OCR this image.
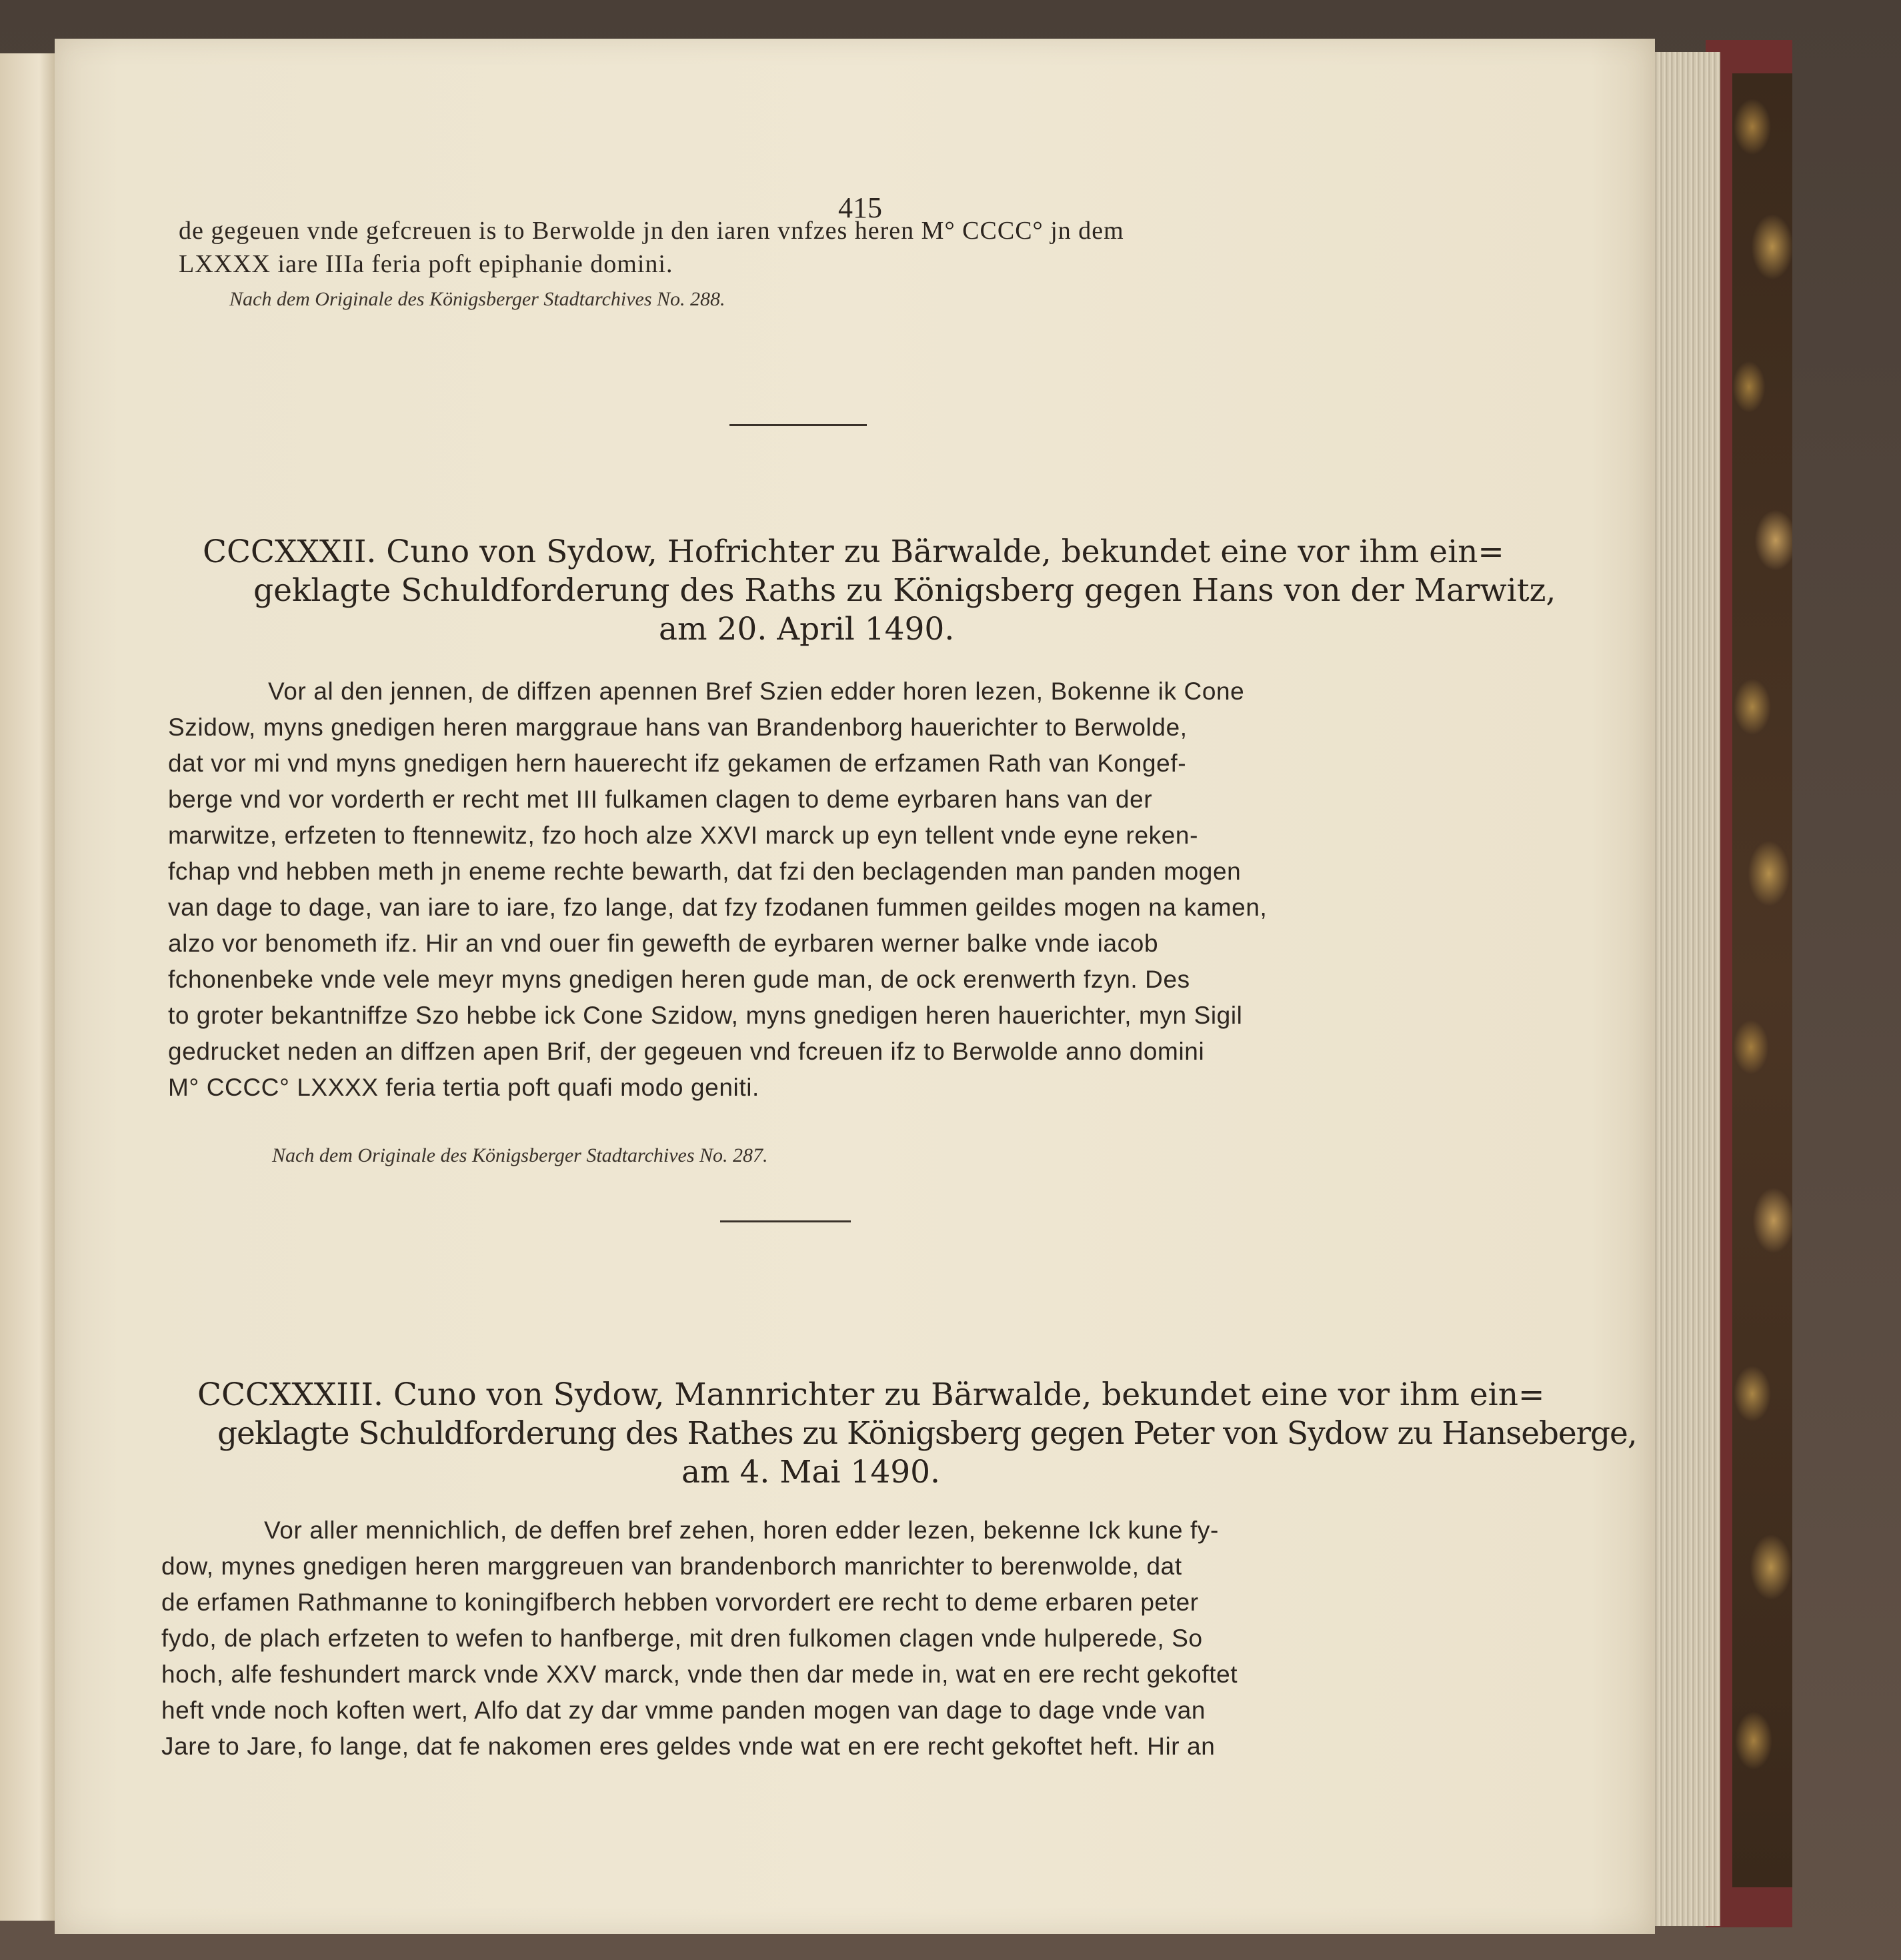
415
de gegeuen vnde gefcreuen is to Berwolde jn den iaren vnfzes heren M° CCCC° jn dem
LXXXX iare IIIa feria poft epiphanie domini.
Nach dem Originale des Königsberger Stadtarchives No. 288.
CCCXXXII. Cuno von Sydow, Hofrichter zu Bärwalde, bekundet eine vor ihm ein=
geklagte Schuldforderung des Raths zu Königsberg gegen Hans von der Marwitz,
am 20. April 1490.
Vor al den jennen, de diffzen apennen Bref Szien edder horen lezen, Bokenne ik Cone
Szidow, myns gnedigen heren marggraue hans van Brandenborg hauerichter to Berwolde,
dat vor mi vnd myns gnedigen hern hauerecht ifz gekamen de erfzamen Rath van Kongef-
berge vnd vor vorderth er recht met III fulkamen clagen to deme eyrbaren hans van der
marwitze, erfzeten to ftennewitz, fzo hoch alze XXVI marck up eyn tellent vnde eyne reken-
fchap vnd hebben meth jn eneme rechte bewarth, dat fzi den beclagenden man panden mogen
van dage to dage, van iare to iare, fzo lange, dat fzy fzodanen fummen geildes mogen na kamen,
alzo vor benometh ifz. Hir an vnd ouer fin gewefth de eyrbaren werner balke vnde iacob
fchonenbeke vnde vele meyr myns gnedigen heren gude man, de ock erenwerth fzyn. Des
to groter bekantniffze Szo hebbe ick Cone Szidow, myns gnedigen heren hauerichter, myn Sigil
gedrucket neden an diffzen apen Brif, der gegeuen vnd fcreuen ifz to Berwolde anno domini
M° CCCC° LXXXX feria tertia poft quafi modo geniti.
Nach dem Originale des Königsberger Stadtarchives No. 287.
CCCXXXIII. Cuno von Sydow, Mannrichter zu Bärwalde, bekundet eine vor ihm ein=
geklagte Schuldforderung des Rathes zu Königsberg gegen Peter von Sydow zu Hanseberge,
am 4. Mai 1490.
Vor aller mennichlich, de deffen bref zehen, horen edder lezen, bekenne Ick kune fy-
dow, mynes gnedigen heren marggreuen van brandenborch manrichter to berenwolde, dat
de erfamen Rathmanne to koningifberch hebben vorvordert ere recht to deme erbaren peter
fydo, de plach erfzeten to wefen to hanfberge, mit dren fulkomen clagen vnde hulperede, So
hoch, alfe feshundert marck vnde XXV marck, vnde then dar mede in, wat en ere recht gekoftet
heft vnde noch koften wert, Alfo dat zy dar vmme panden mogen van dage to dage vnde van
Jare to Jare, fo lange, dat fe nakomen eres geldes vnde wat en ere recht gekoftet heft. Hir an
